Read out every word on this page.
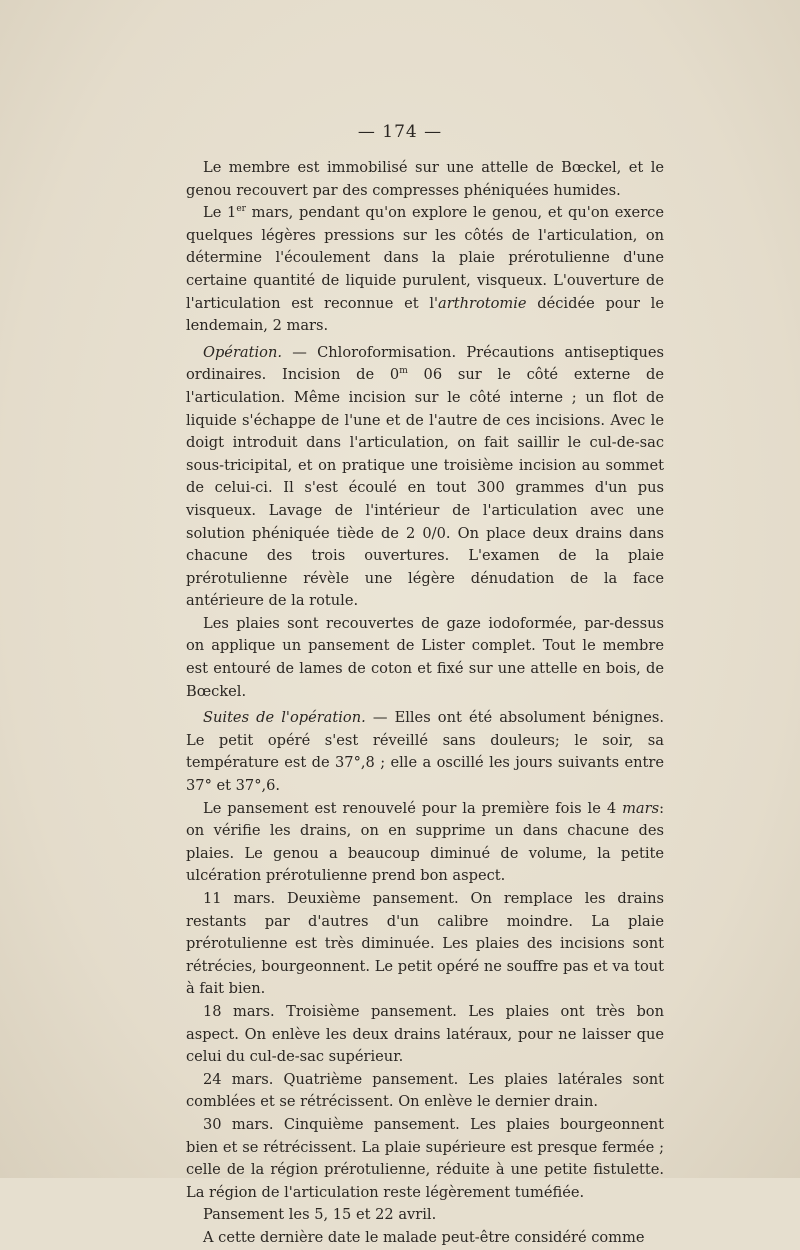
— 174 —

Le membre est immobilisé sur une attelle de Bœckel, et le genou recouvert par des compresses phéniquées humides.

Le 1er mars, pendant qu'on explore le genou, et qu'on exerce quelques légères pressions sur les côtés de l'articulation, on détermine l'écoulement dans la plaie prérotulienne d'une certaine quantité de liquide purulent, visqueux. L'ouverture de l'articulation est reconnue et l'arthrotomie décidée pour le lendemain, 2 mars.

Opération. — Chloroformisation. Précautions antiseptiques ordinaires. Incision de 0$^m$ 06 sur le côté externe de l'articulation. Même incision sur le côté interne ; un flot de liquide s'échappe de l'une et de l'autre de ces incisions. Avec le doigt introduit dans l'articulation, on fait saillir le cul-de-sac sous-tricipital, et on pratique une troisième incision au sommet de celui-ci. Il s'est écoulé en tout 300 grammes d'un pus visqueux. Lavage de l'intérieur de l'articulation avec une solution phéniquée tiède de 2 0/0. On place deux drains dans chacune des trois ouvertures. L'examen de la plaie prérotulienne révèle une légère dénudation de la face antérieure de la rotule.

Les plaies sont recouvertes de gaze iodoformée, par-dessus on applique un pansement de Lister complet. Tout le membre est entouré de lames de coton et fixé sur une attelle en bois, de Bœckel.

Suites de l'opération. — Elles ont été absolument bénignes. Le petit opéré s'est réveillé sans douleurs; le soir, sa température est de 37°,8 ; elle a oscillé les jours suivants entre 37° et 37°,6.

Le pansement est renouvelé pour la première fois le 4 mars: on vérifie les drains, on en supprime un dans chacune des plaies. Le genou a beaucoup diminué de volume, la petite ulcération prérotulienne prend bon aspect.

11 mars. Deuxième pansement. On remplace les drains restants par d'autres d'un calibre moindre. La plaie prérotulienne est très diminuée. Les plaies des incisions sont rétrécies, bourgeonnent. Le petit opéré ne souffre pas et va tout à fait bien.

18 mars. Troisième pansement. Les plaies ont très bon aspect. On enlève les deux drains latéraux, pour ne laisser que celui du cul-de-sac supérieur.

24 mars. Quatrième pansement. Les plaies latérales sont comblées et se rétrécissent. On enlève le dernier drain.

30 mars. Cinquième pansement. Les plaies bourgeonnent bien et se rétrécissent. La plaie supérieure est presque fermée ; celle de la région prérotulienne, réduite à une petite fistulette. La région de l'articulation reste légèrement tuméfiée.

Pansement les 5, 15 et 22 avril.

A cette dernière date le malade peut-être considéré comme
